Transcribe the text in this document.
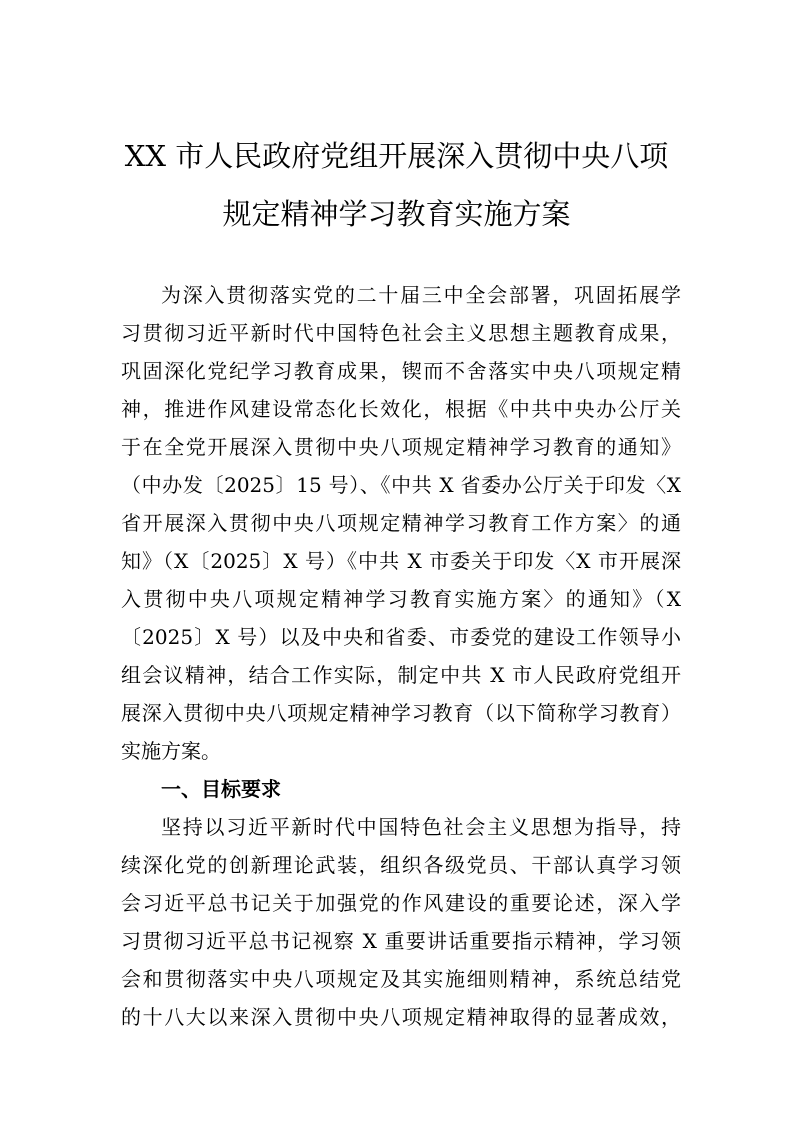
XX 市人民政府党组开展深入贯彻中央八项
规定精神学习教育实施方案
为深入贯彻落实党的二十届三中全会部署，巩固拓展学
习贯彻习近平新时代中国特色社会主义思想主题教育成果，
巩固深化党纪学习教育成果，锲而不舍落实中央八项规定精
神，推进作风建设常态化长效化，根据《中共中央办公厅关
于在全党开展深入贯彻中央八项规定精神学习教育的通知》
（中办发〔2025〕15 号）、《中共 X 省委办公厅关于印发〈X
省开展深入贯彻中央八项规定精神学习教育工作方案〉的通
知》（X〔2025〕X 号）《中共 X 市委关于印发〈X 市开展深
入贯彻中央八项规定精神学习教育实施方案〉的通知》（X
〔2025〕X 号）以及中央和省委、市委党的建设工作领导小
组会议精神，结合工作实际，制定中共 X 市人民政府党组开
展深入贯彻中央八项规定精神学习教育（以下简称学习教育）
实施方案。
一、目标要求
坚持以习近平新时代中国特色社会主义思想为指导，持
续深化党的创新理论武装，组织各级党员、干部认真学习领
会习近平总书记关于加强党的作风建设的重要论述，深入学
习贯彻习近平总书记视察 X 重要讲话重要指示精神，学习领
会和贯彻落实中央八项规定及其实施细则精神，系统总结党
的十八大以来深入贯彻中央八项规定精神取得的显著成效，
